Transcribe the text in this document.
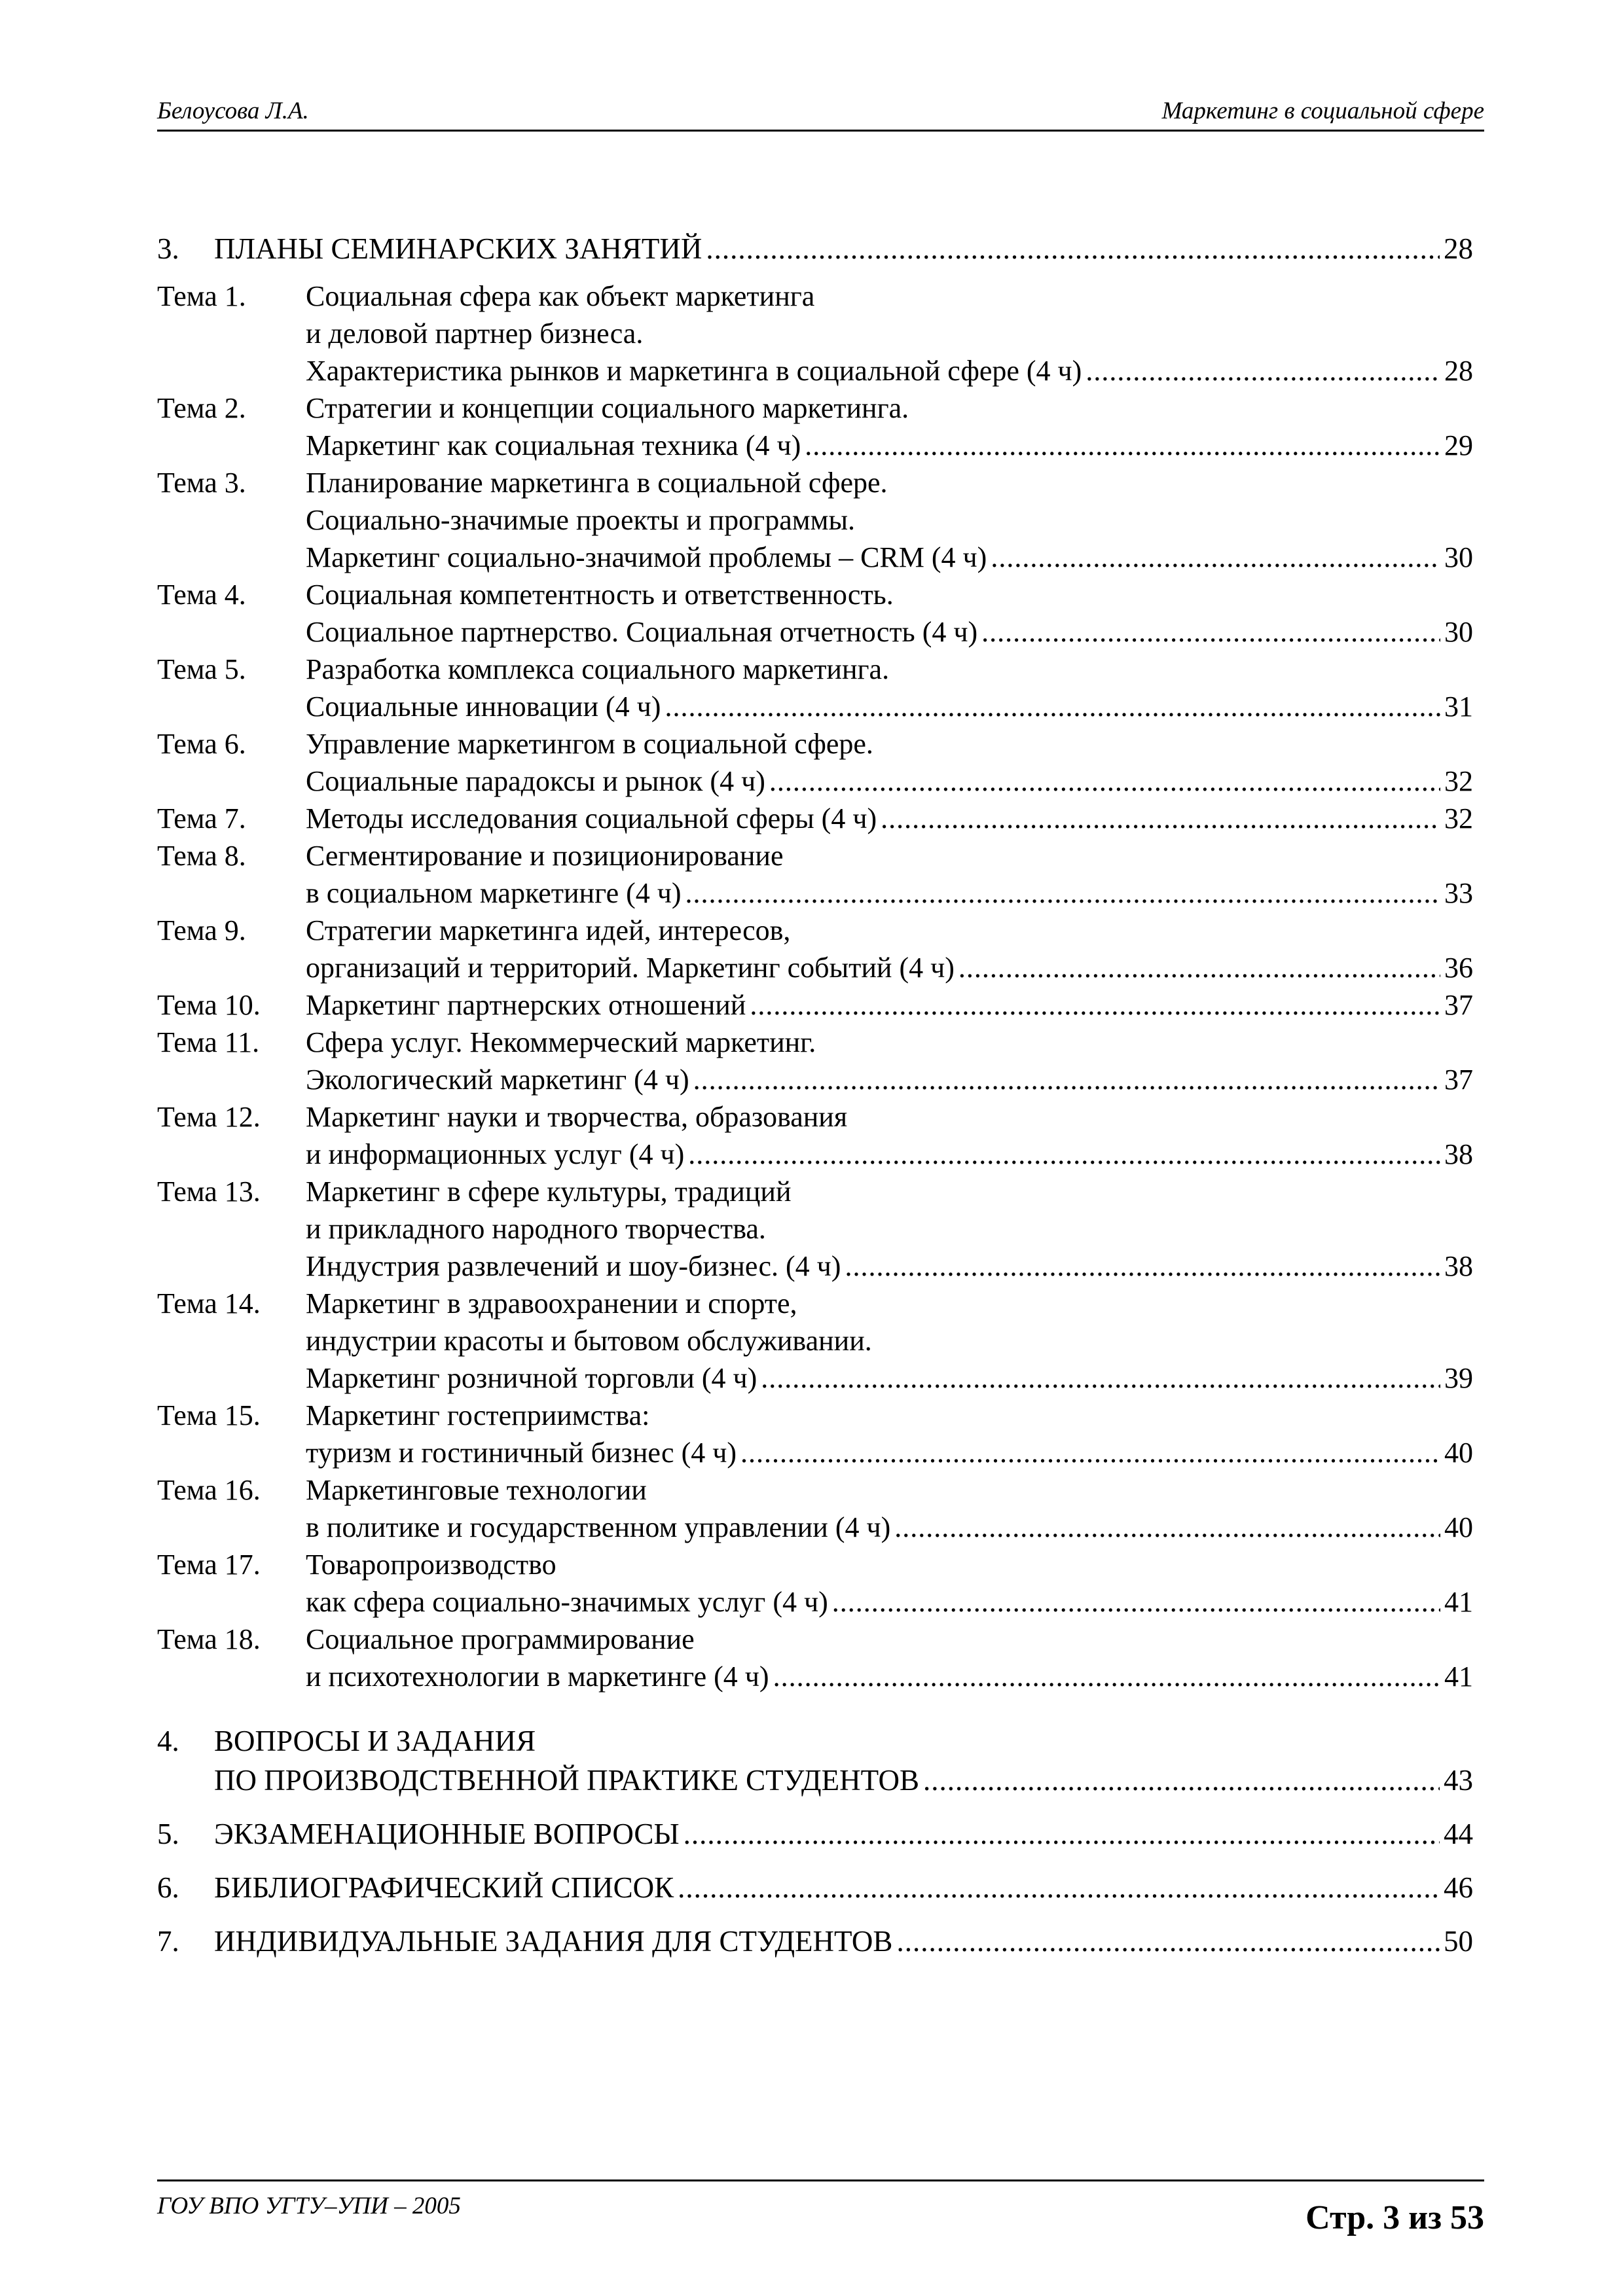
Белоусова Л.А.	Маркетинг в социальной сфере
3.	ПЛАНЫ СЕМИНАРСКИХ ЗАНЯТИЙ .....	28
Тема 1.	Социальная сфера как объект маркетинга
и деловой партнер бизнеса.
Характеристика рынков и маркетинга в социальной сфере (4 ч) .....	28
Тема 2.	Стратегии и концепции социального маркетинга.
Маркетинг как социальная техника (4 ч) .....	29
Тема 3.	Планирование маркетинга в социальной сфере.
Социально-значимые проекты и программы.
Маркетинг социально-значимой проблемы – CRM (4 ч) .....	30
Тема 4.	Социальная компетентность и ответственность.
Социальное партнерство. Социальная отчетность (4 ч) .....	30
Тема 5.	Разработка комплекса социального маркетинга.
Социальные инновации (4 ч) .....	31
Тема 6.	Управление маркетингом в социальной сфере.
Социальные парадоксы и рынок (4 ч) .....	32
Тема 7.	Методы исследования социальной сферы (4 ч) .....	32
Тема 8.	Сегментирование и позиционирование
в социальном маркетинге (4 ч) .....	33
Тема 9.	Стратегии маркетинга идей, интересов,
организаций и территорий. Маркетинг событий (4 ч) .....	36
Тема 10.	Маркетинг партнерских отношений .....	37
Тема 11.	Сфера услуг. Некоммерческий маркетинг.
Экологический маркетинг (4 ч) .....	37
Тема 12.	Маркетинг науки и творчества, образования
и информационных услуг (4 ч) .....	38
Тема 13.	Маркетинг в сфере культуры, традиций
и прикладного народного творчества.
Индустрия развлечений и шоу-бизнес. (4 ч) .....	38
Тема 14.	Маркетинг в здравоохранении и спорте,
индустрии красоты и бытовом обслуживании.
Маркетинг розничной торговли (4 ч) .....	39
Тема 15.	Маркетинг гостеприимства:
туризм и гостиничный бизнес (4 ч) .....	40
Тема 16.	Маркетинговые технологии
в политике и государственном управлении (4 ч) .....	40
Тема 17.	Товаропроизводство
как сфера социально-значимых услуг (4 ч) .....	41
Тема 18.	Социальное программирование
и психотехнологии в маркетинге (4 ч) .....	41
4.	ВОПРОСЫ И ЗАДАНИЯ
ПО ПРОИЗВОДСТВЕННОЙ ПРАКТИКЕ СТУДЕНТОВ .....	43
5.	ЭКЗАМЕНАЦИОННЫЕ ВОПРОСЫ .....	44
6.	БИБЛИОГРАФИЧЕСКИЙ СПИСОК .....	46
7.	ИНДИВИДУАЛЬНЫЕ ЗАДАНИЯ ДЛЯ СТУДЕНТОВ .....	50
ГОУ ВПО УГТУ–УПИ – 2005	Стр. 3 из 53
